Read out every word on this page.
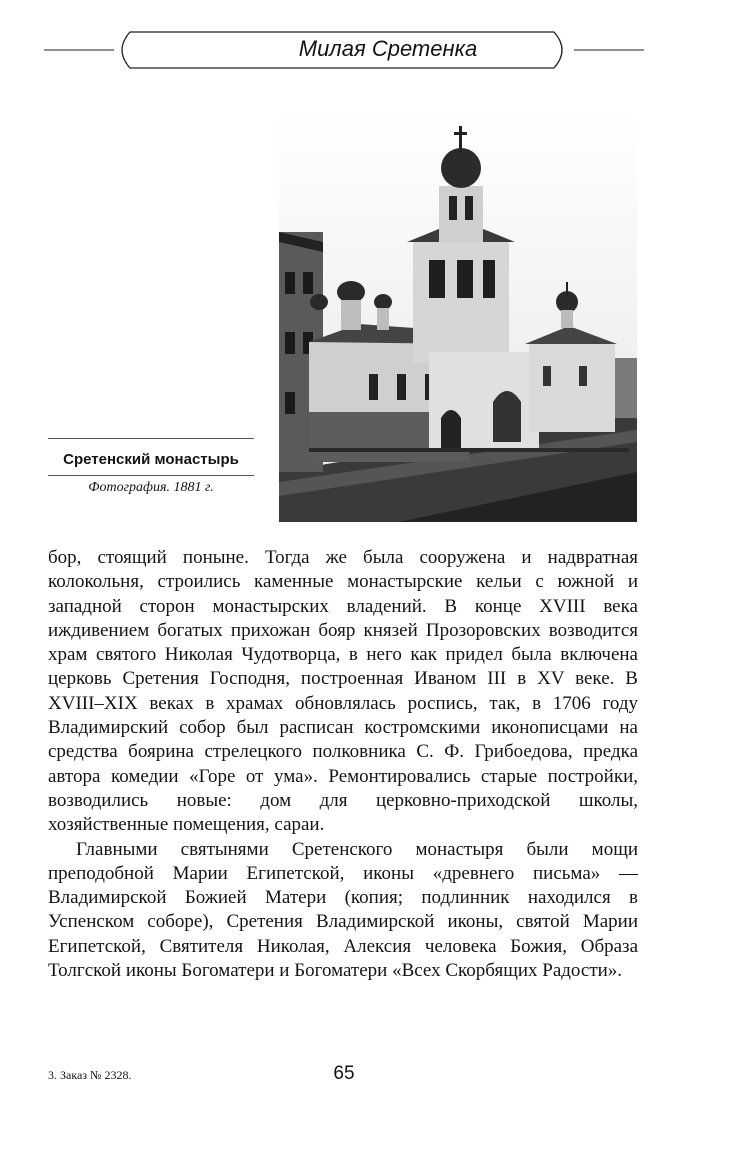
Милая Сретенка
Сретенский монастырь
Фотография. 1881 г.

бор, стоящий поныне. Тогда же была сооружена и надвратная колокольня, строились каменные монастырские кельи с южной и западной сторон монастырских владений. В конце XVIII века иждивением богатых прихожан бояр князей Прозоровских возводится храм святого Николая Чудотворца, в него как придел была включена церковь Сретения Господня, построенная Иваном III в XV веке. В XVIII–XIX веках в храмах обновлялась роспись, так, в 1706 году Владимирский собор был расписан костромскими иконописцами на средства боярина стрелецкого полковника С. Ф. Грибоедова, предка автора комедии «Горе от ума». Ремонтировались старые постройки, возводились новые: дом для церковно-приходской школы, хозяйственные помещения, сараи.

Главными святынями Сретенского монастыря были мощи преподобной Марии Египетской, иконы «древнего письма» — Владимирской Божией Матери (копия; подлинник находился в Успенском соборе), Сретения Владимирской иконы, святой Марии Египетской, Святителя Николая, Алексия человека Божия, Образа Толгской иконы Богоматери и Богоматери «Всех Скорбящих Радости».

3. Заказ № 2328.	65
